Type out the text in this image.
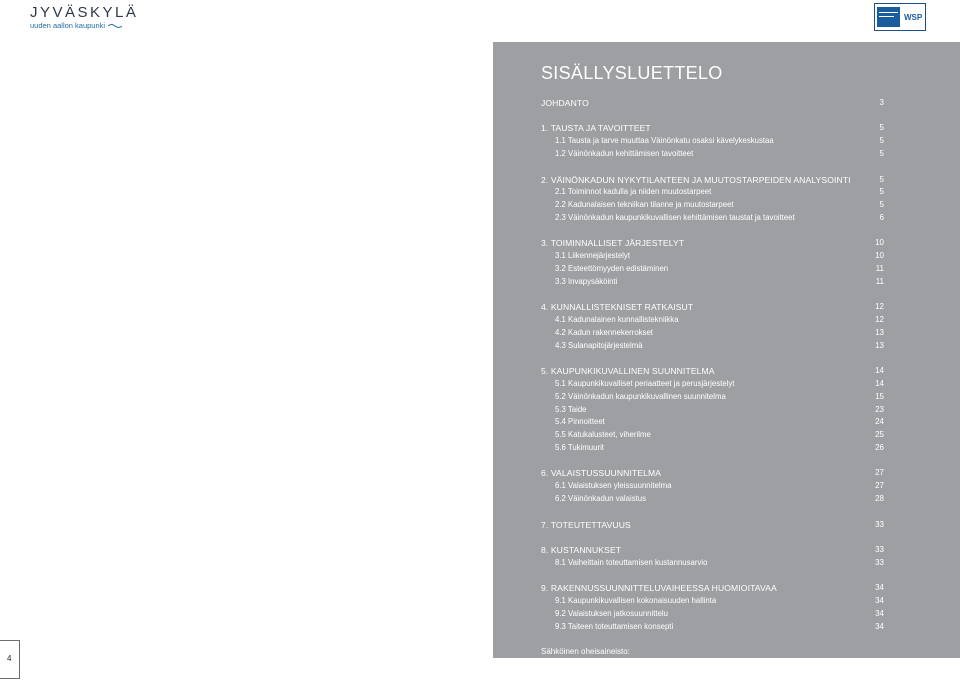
JYVÄSKYLÄ
uuden aallon kaupunki
WSP
SISÄLLYSLUETTELO
JOHDANTO	3
1. TAUSTA JA TAVOITTEET	5
1.1 Tausta ja tarve muuttaa Väinönkatu osaksi kävelykeskustaa	5
1.2 Väinönkadun kehittämisen tavoitteet	5
2. VÄINÖNKADUN NYKYTILANTEEN JA MUUTOSTARPEIDEN ANALYSOINTI	5
2.1 Toiminnot kadulla ja niiden muutostarpeet	5
2.2 Kadunalaisen tekniikan tilanne ja muutostarpeet	5
2.3 Väinönkadun kaupunkikuvallisen kehittämisen taustat ja tavoitteet	6
3. TOIMINNALLISET JÄRJESTELYT	10
3.1 Liikennejärjestelyt	10
3.2 Esteettömyyden edistäminen	11
3.3 Invapysäköinti	11
4. KUNNALLISTEKNISET RATKAISUT	12
4.1 Kadunalainen kunnallistekniikka	12
4.2 Kadun rakennekerrokset	13
4.3 Sulanapitojärjestelmä	13
5. KAUPUNKIKUVALLINEN SUUNNITELMA	14
5.1 Kaupunkikuvalliset periaatteet ja perusjärjestelyt	14
5.2 Väinönkadun kaupunkikuvallinen suunnitelma	15
5.3 Taide	23
5.4 Pinnoitteet	24
5.5 Katukalusteet, viherilme	25
5.6 Tukimuurit	26
6. VALAISTUSSUUNNITELMA	27
6.1 Valaistuksen yleissuunnitelma	27
6.2 Väinönkadun valaistus	28
7. TOTEUTETTAVUUS	33
8. KUSTANNUKSET	33
8.1 Vaiheittain toteuttamisen kustannusarvio	33
9. RAKENNUSSUUNNITTELUVAIHEESSA HUOMIOITAVAA	34
9.1 Kaupunkikuvallisen kokonaisuuden hallinta	34
9.2 Valaistuksen jatkosuunnittelu	34
9.3 Taiteen toteuttamisen konsepti	34
Sähköinen oheisaineisto:
1. Väinönkatu kävelykaduksi, Sulanapitojärjestelmän yleissuunnitelma
2. Laboratorion tutkimusselostukset
3. Kadunalaiset johdot, kaapelit ja putket
4
